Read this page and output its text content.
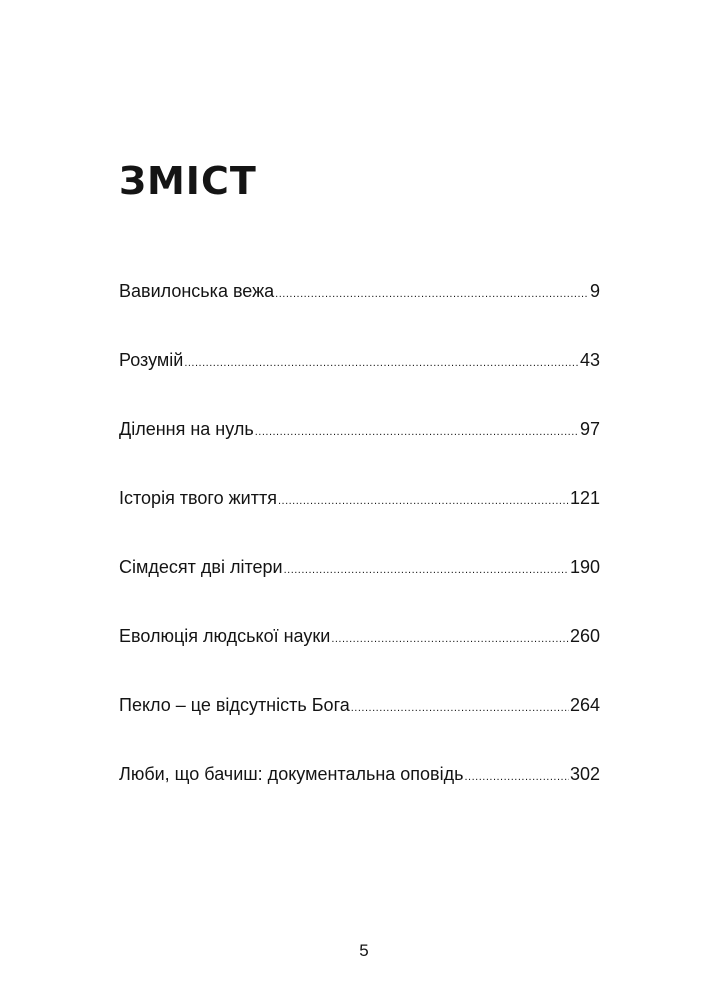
ЗМІСТ
Вавилонська вежа .....	9
Розумій .....	43
Ділення на нуль .....	97
Історія твого життя .....	121
Сімдесят дві літери .....	190
Еволюція людської науки .....	260
Пекло – це відсутність Бога .....	264
Люби, що бачиш: документальна оповідь .....	302
5
